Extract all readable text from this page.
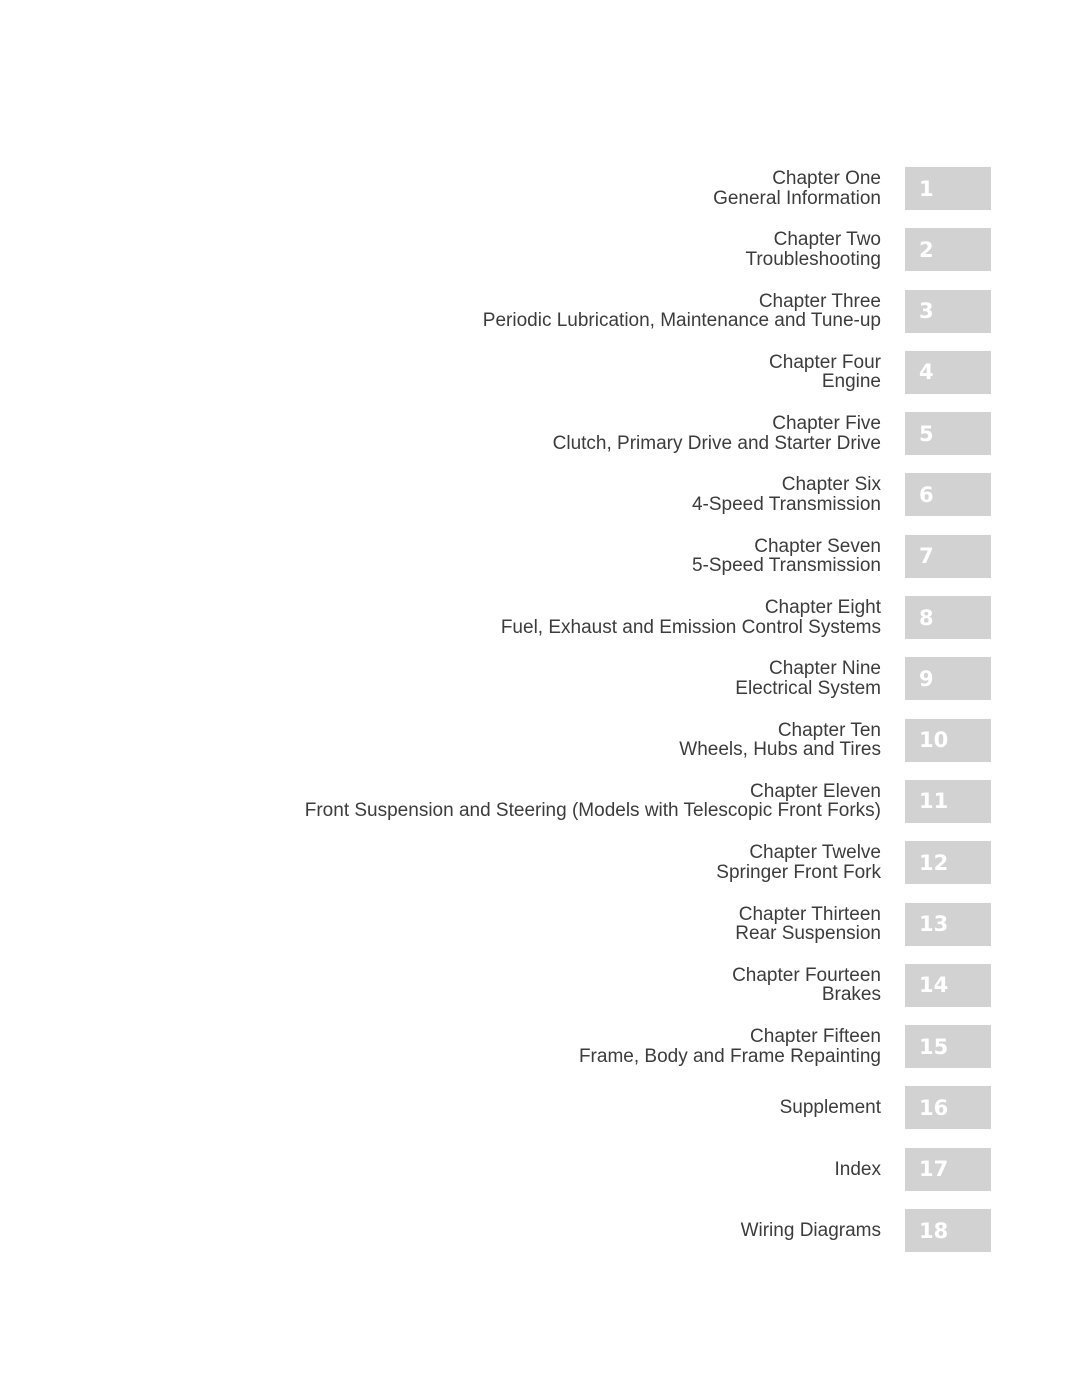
Chapter One
General Information	1
Chapter Two
Troubleshooting	2
Chapter Three
Periodic Lubrication, Maintenance and Tune-up	3
Chapter Four
Engine	4
Chapter Five
Clutch, Primary Drive and Starter Drive	5
Chapter Six
4-Speed Transmission	6
Chapter Seven
5-Speed Transmission	7
Chapter Eight
Fuel, Exhaust and Emission Control Systems	8
Chapter Nine
Electrical System	9
Chapter Ten
Wheels, Hubs and Tires	10
Chapter Eleven
Front Suspension and Steering (Models with Telescopic Front Forks)	11
Chapter Twelve
Springer Front Fork	12
Chapter Thirteen
Rear Suspension	13
Chapter Fourteen
Brakes	14
Chapter Fifteen
Frame, Body and Frame Repainting	15
Supplement	16
Index	17
Wiring Diagrams	18
